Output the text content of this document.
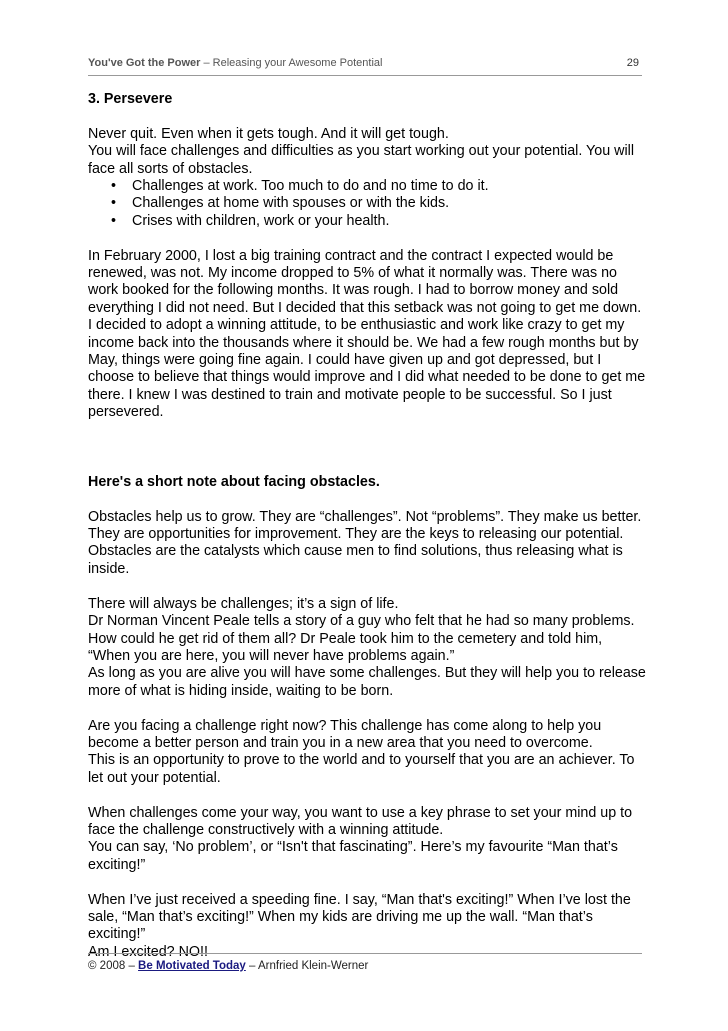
You've Got the Power – Releasing your Awesome Potential	29
3. Persevere

Never quit. Even when it gets tough. And it will get tough.

You will face challenges and difficulties as you start working out your potential. You will face all sorts of obstacles.

• Challenges at work. Too much to do and no time to do it.
• Challenges at home with spouses or with the kids.
• Crises with children, work or your health.

In February 2000, I lost a big training contract and the contract I expected would be renewed, was not. My income dropped to 5% of what it normally was. There was no work booked for the following months. It was rough. I had to borrow money and sold everything I did not need. But I decided that this setback was not going to get me down. I decided to adopt a winning attitude, to be enthusiastic and work like crazy to get my income back into the thousands where it should be. We had a few rough months but by May, things were going fine again. I could have given up and got depressed, but I choose to believe that things would improve and I did what needed to be done to get me there. I knew I was destined to train and motivate people to be successful. So I just persevered.

Here's a short note about facing obstacles.

Obstacles help us to grow. They are “challenges”. Not “problems”. They make us better. They are opportunities for improvement. They are the keys to releasing our potential. Obstacles are the catalysts which cause men to find solutions, thus releasing what is inside.

There will always be challenges; it’s a sign of life.

Dr Norman Vincent Peale tells a story of a guy who felt that he had so many problems. How could he get rid of them all? Dr Peale took him to the cemetery and told him, “When you are here, you will never have problems again.”

As long as you are alive you will have some challenges. But they will help you to release more of what is hiding inside, waiting to be born.

Are you facing a challenge right now? This challenge has come along to help you become a better person and train you in a new area that you need to overcome.

This is an opportunity to prove to the world and to yourself that you are an achiever. To let out your potential.

When challenges come your way, you want to use a key phrase to set your mind up to face the challenge constructively with a winning attitude.

You can say, ‘No problem’, or “Isn't that fascinating”. Here’s my favourite “Man that’s exciting!”

When I’ve just received a speeding fine. I say, “Man that's exciting!” When I’ve lost the sale, “Man that’s exciting!” When my kids are driving me up the wall. “Man that’s exciting!”

Am I excited? NO!!

© 2008 – Be Motivated Today – Arnfried Klein-Werner
